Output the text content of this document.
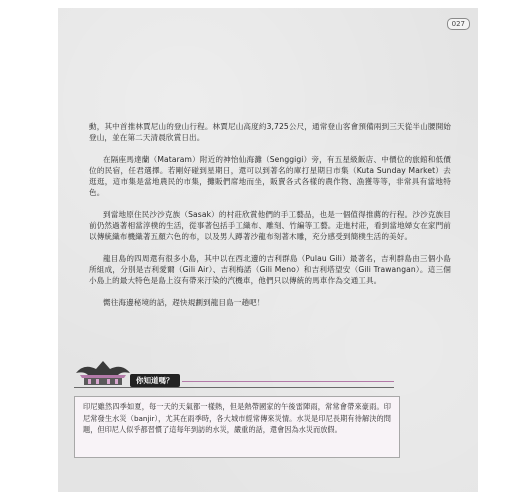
027

動，其中首推林賈尼山的登山行程。林賈尼山高度約3,725公尺，通常登山客會預備兩到三天從半山腰開始登山，並在第二天清晨欣賞日出。

在隔座馬達蘭（Mataram）附近的神怡仙海灘（Senggigi）旁，有五星級飯店、中價位的旅館和低價位的民宿，任君選擇。若剛好碰到星期日，還可以到著名的庫打星期日市集（Kuta Sunday Market）去逛逛，這市集是當地農民的市集，攤販們席地而坐，販賣各式各樣的農作物、漁獲等等，非常具有當地特色。

到當地原住民沙沙克族（Sasak）的村莊欣賞他們的手工藝品，也是一個值得推薦的行程。沙沙克族目前仍然過著相當淳樸的生活，從事著包括手工織布、雕刻、竹編等工藝。走進村莊，看到當地婦女在家門前以傳統織布機織著五顏六色的布，以及男人蹲著沙龍布刻著木雕，充分感受到簡樸生活的美好。

龍目島的四周還有很多小島，其中以在西北邊的吉利群島（Pulau Gili）最著名，吉利群島由三個小島所組成，分別是吉利愛爾（Gili Air）、吉利梅諾（Gili Meno）和吉利塔望安（Gili Trawangan）。這三個小島上的最大特色是島上沒有帶來汙染的汽機車，他們只以傳統的馬車作為交通工具。

嚮往海邊秘境的話，趕快規劃到龍目島一趟吧！

你知道嗎？

印尼雖然四季如夏，每一天的天氣都一樣熱，但是熱帶國家的午後雷陣雨，常常會帶來豪雨。印尼常發生水災（banjir），尤其在雨季時，各大城市經常傳來災情。水災是印尼長期有待解決的問題，但印尼人似乎都習慣了這每年到訪的水災，嚴重的話，還會因為水災而放假。
